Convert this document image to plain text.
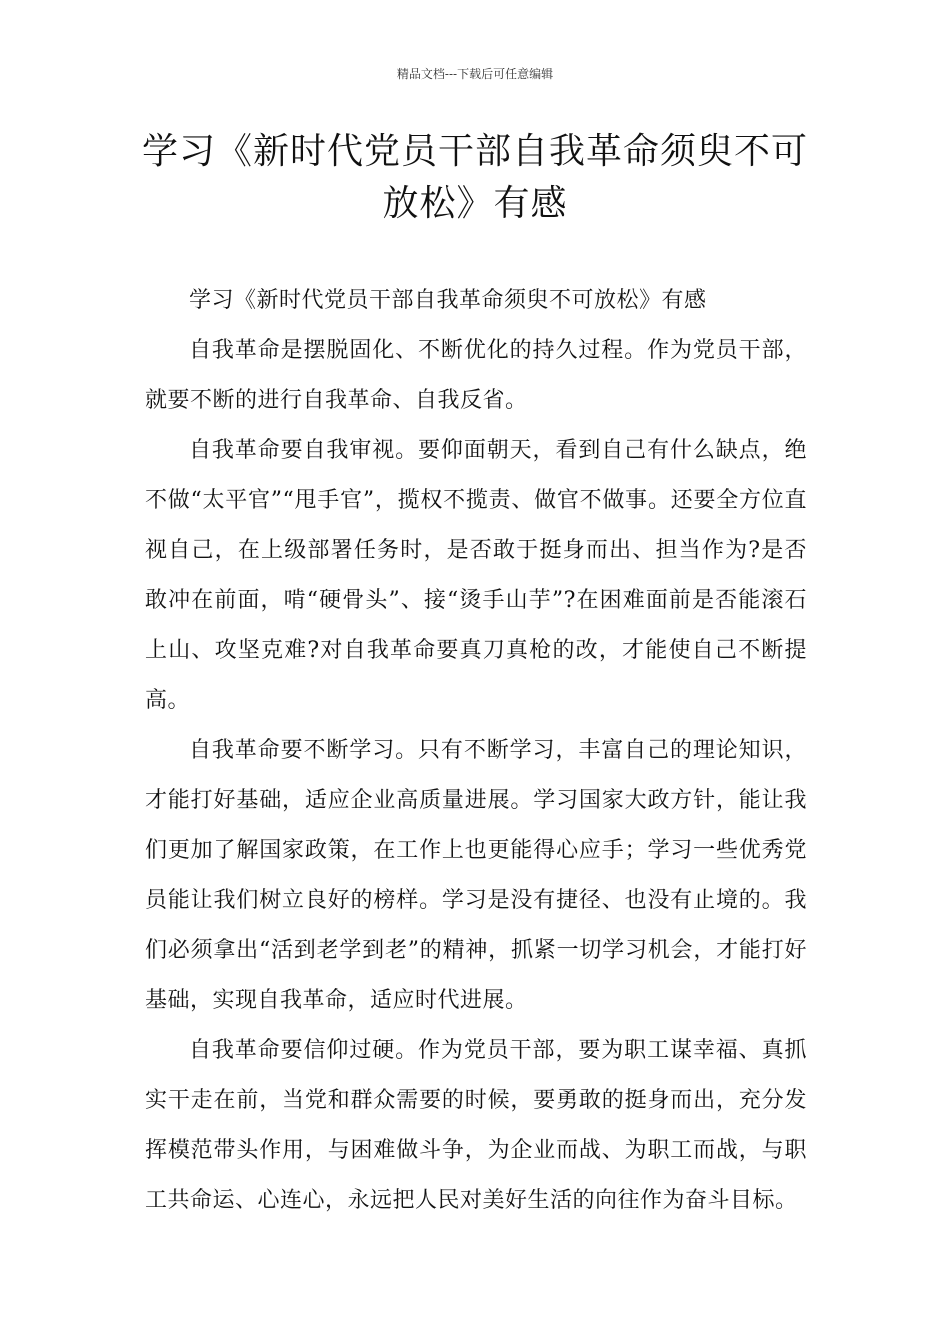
精品文档---下载后可任意编辑
学习《新时代党员干部自我革命须臾不可放松》有感

学习《新时代党员干部自我革命须臾不可放松》有感

自我革命是摆脱固化、不断优化的持久过程。作为党员干部，就要不断的进行自我革命、自我反省。

自我革命要自我审视。要仰面朝天，看到自己有什么缺点，绝不做“太平官”“甩手官”，揽权不揽责、做官不做事。还要全方位直视自己，在上级部署任务时，是否敢于挺身而出、担当作为?是否敢冲在前面，啃“硬骨头”、接“烫手山芋”?在困难面前是否能滚石上山、攻坚克难?对自我革命要真刀真枪的改，才能使自己不断提高。

自我革命要不断学习。只有不断学习，丰富自己的理论知识，才能打好基础，适应企业高质量进展。学习国家大政方针，能让我们更加了解国家政策，在工作上也更能得心应手；学习一些优秀党员能让我们树立良好的榜样。学习是没有捷径、也没有止境的。我们必须拿出“活到老学到老”的精神，抓紧一切学习机会，才能打好基础，实现自我革命，适应时代进展。

自我革命要信仰过硬。作为党员干部，要为职工谋幸福、真抓实干走在前，当党和群众需要的时候，要勇敢的挺身而出，充分发挥模范带头作用，与困难做斗争，为企业而战、为职工而战，与职工共命运、心连心，永远把人民对美好生活的向往作为奋斗目标。
